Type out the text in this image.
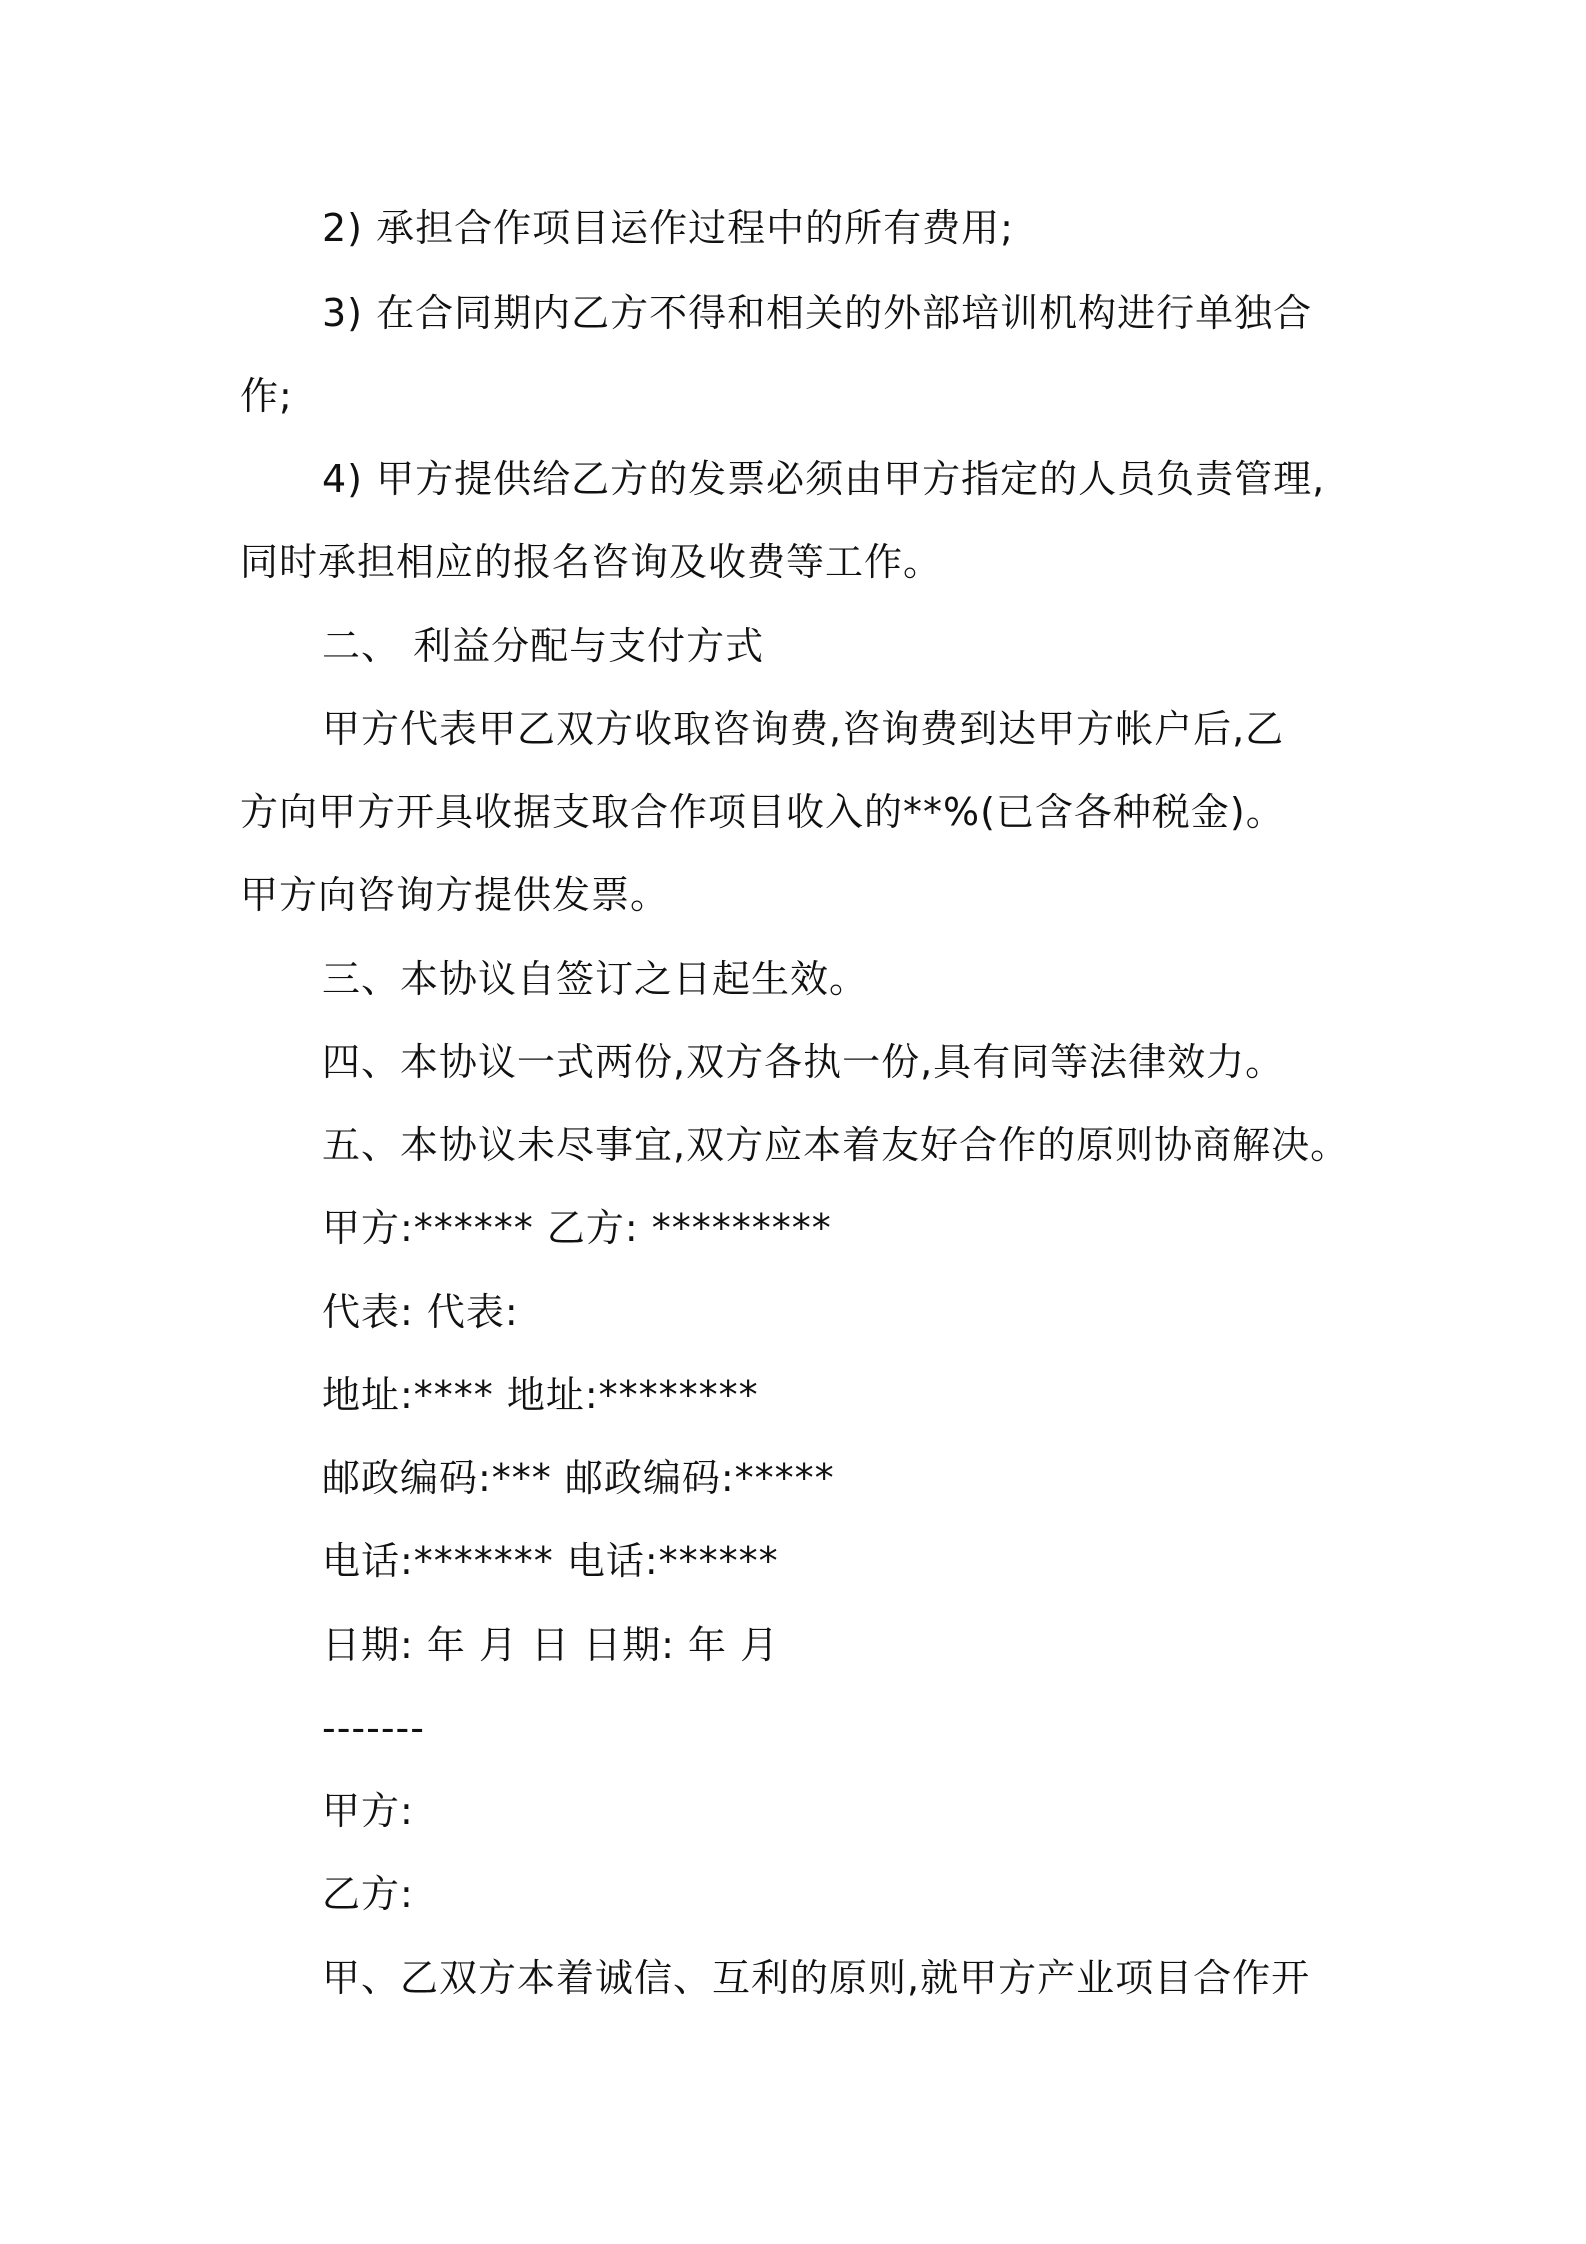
2) 承担合作项目运作过程中的所有费用;
3) 在合同期内乙方不得和相关的外部培训机构进行单独合
作;
4) 甲方提供给乙方的发票必须由甲方指定的人员负责管理,
同时承担相应的报名咨询及收费等工作。
二、 利益分配与支付方式
甲方代表甲乙双方收取咨询费,咨询费到达甲方帐户后,乙
方向甲方开具收据支取合作项目收入的**%(已含各种税金)。
甲方向咨询方提供发票。
三、本协议自签订之日起生效。
四、本协议一式两份,双方各执一份,具有同等法律效力。
五、本协议未尽事宜,双方应本着友好合作的原则协商解决。
甲方:****** 乙方: *********
代表: 代表:
地址:**** 地址:********
邮政编码:*** 邮政编码:*****
电话:******* 电话:******
日期: 年 月 日 日期: 年 月
-------
甲方:
乙方:
甲、乙双方本着诚信、互利的原则,就甲方产业项目合作开
